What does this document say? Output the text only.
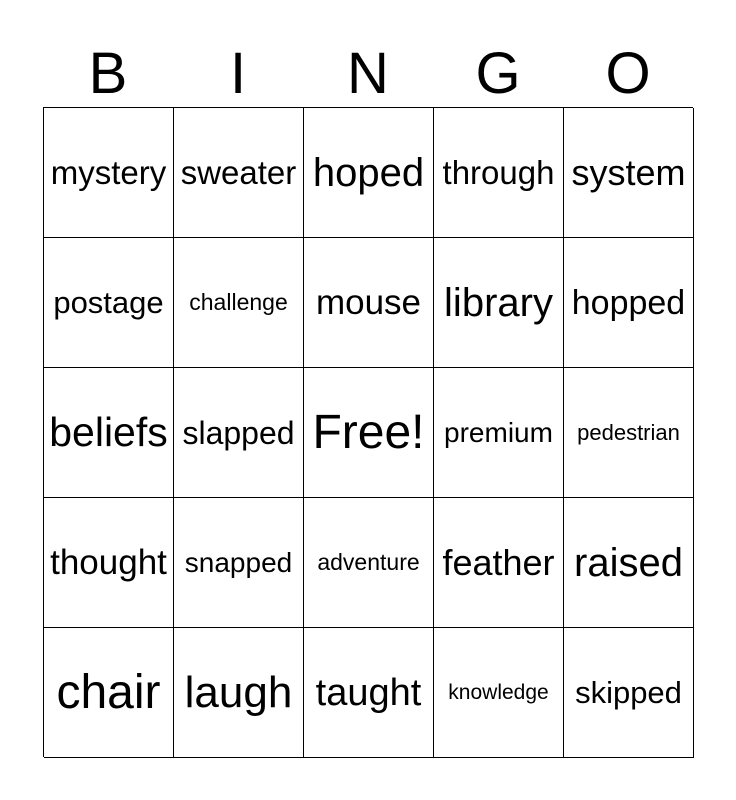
B	I	N	G	O
mystery sweater hoped through system
postage	challenge mouse library hopped
beliefs slapped Free! premium	pedestrian
thought snapped	adventure feather raised
chair laugh taught	knowledge skipped
